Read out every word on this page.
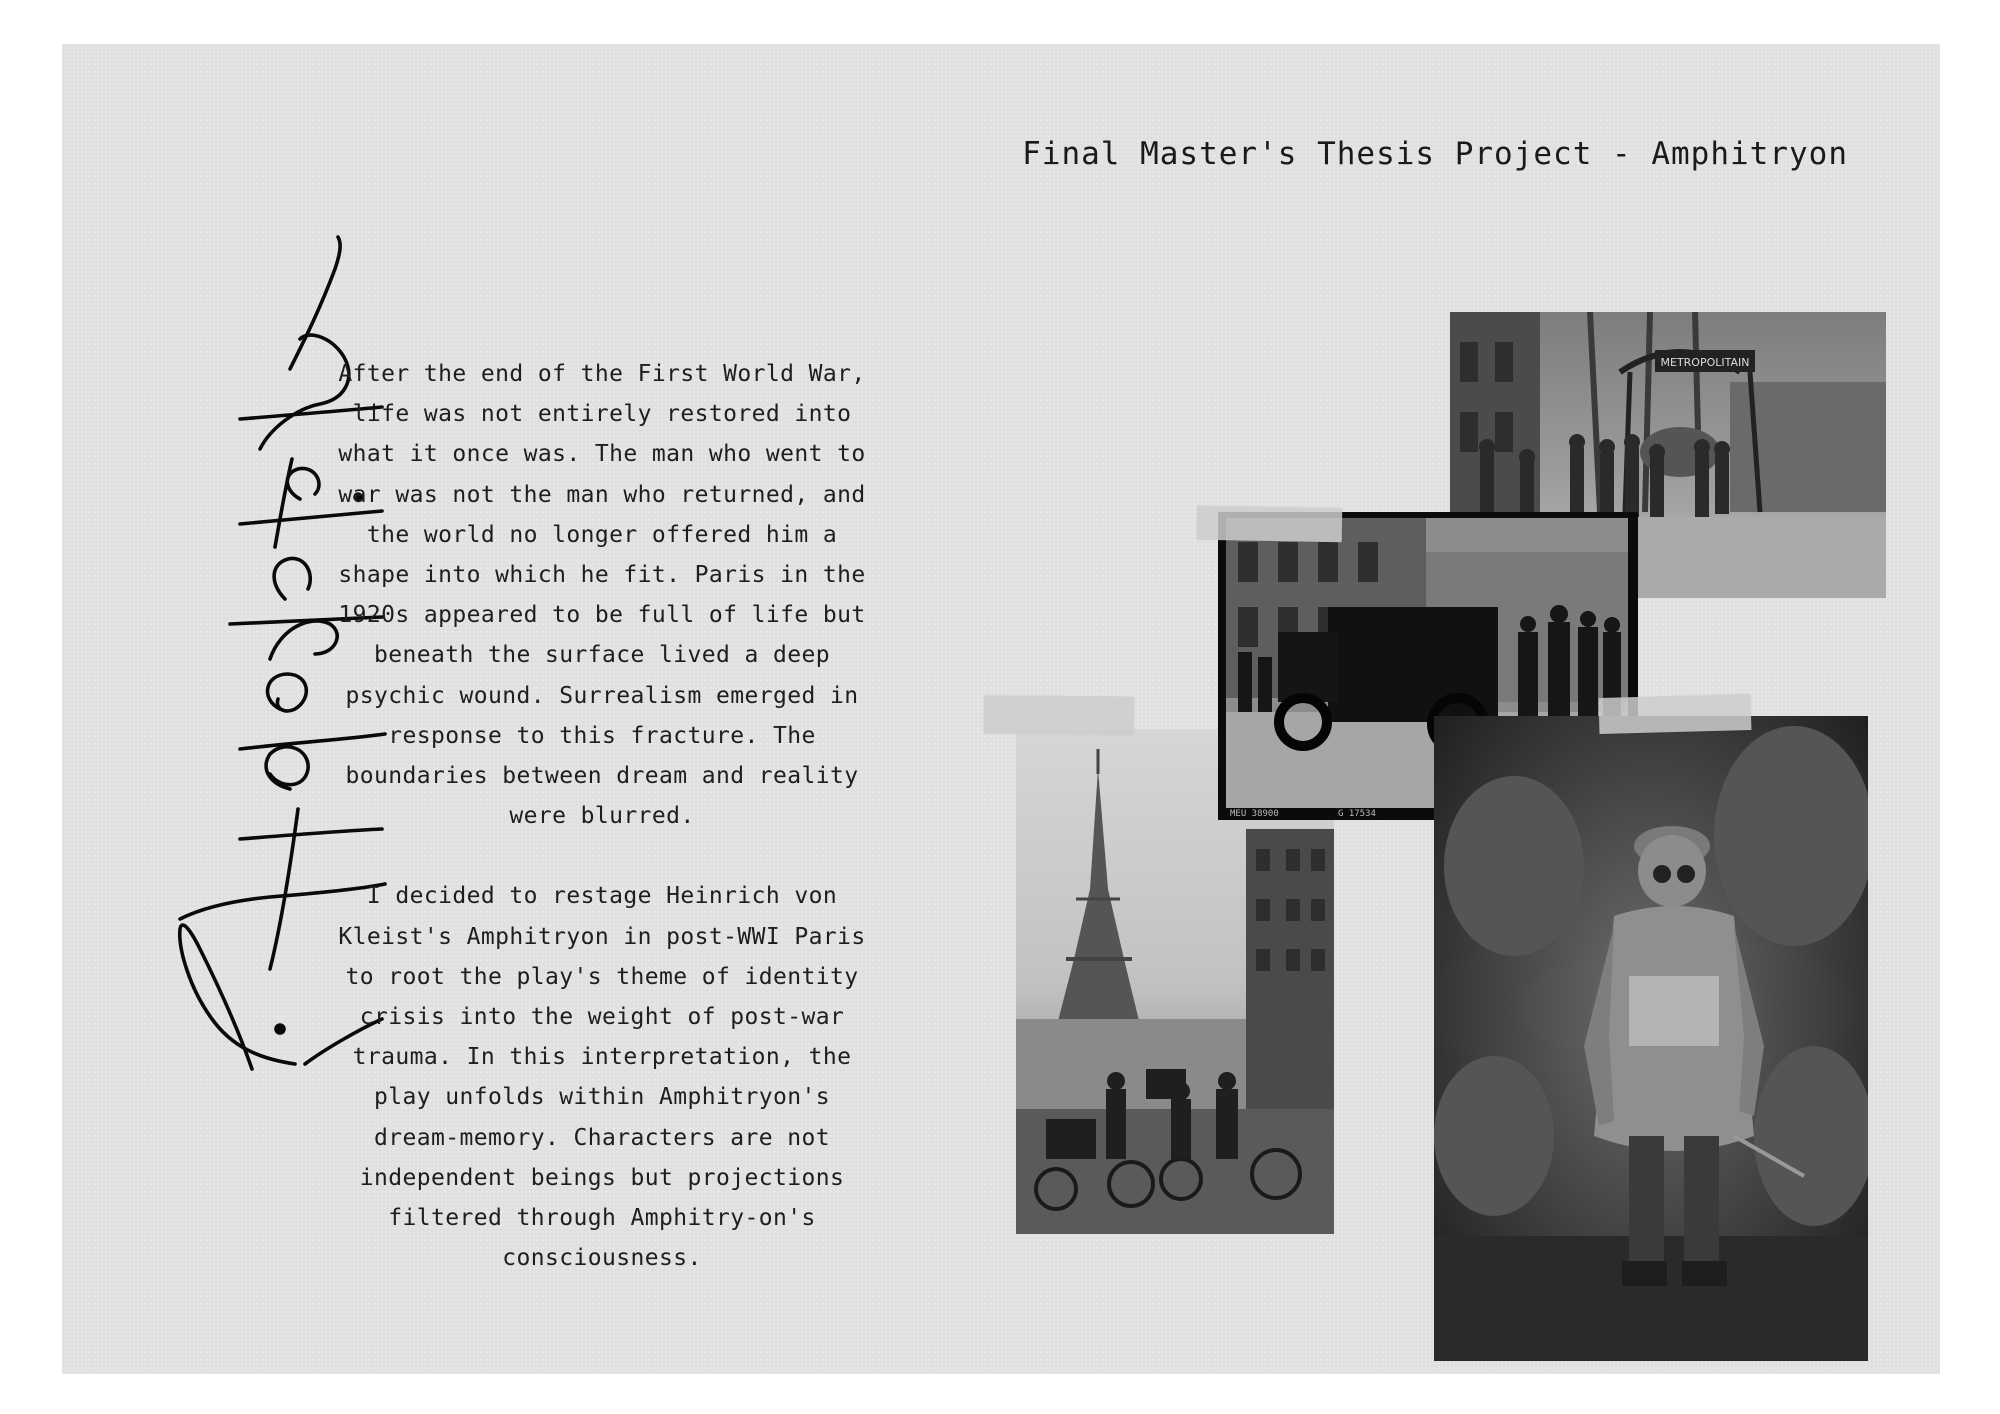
Final Master's Thesis Project - Amphitryon

After the end of the First World War, life was not entirely restored into what it once was. The man who went to war was not the man who returned, and the world no longer offered him a shape into which he fit. Paris in the 1920s appeared to be full of life but beneath the surface lived a deep psychic wound. Surrealism emerged in response to this fracture. The boundaries between dream and reality were blurred.

I decided to restage Heinrich von Kleist's Amphitryon in post-WWI Paris to root the play's theme of identity crisis into the weight of post-war trauma. In this interpretation, the play unfolds within Amphitryon's dream-memory. Characters are not independent beings but projections filtered through Amphitry-on's consciousness.

METROPOLITAIN
MEU 38900	G 17534
